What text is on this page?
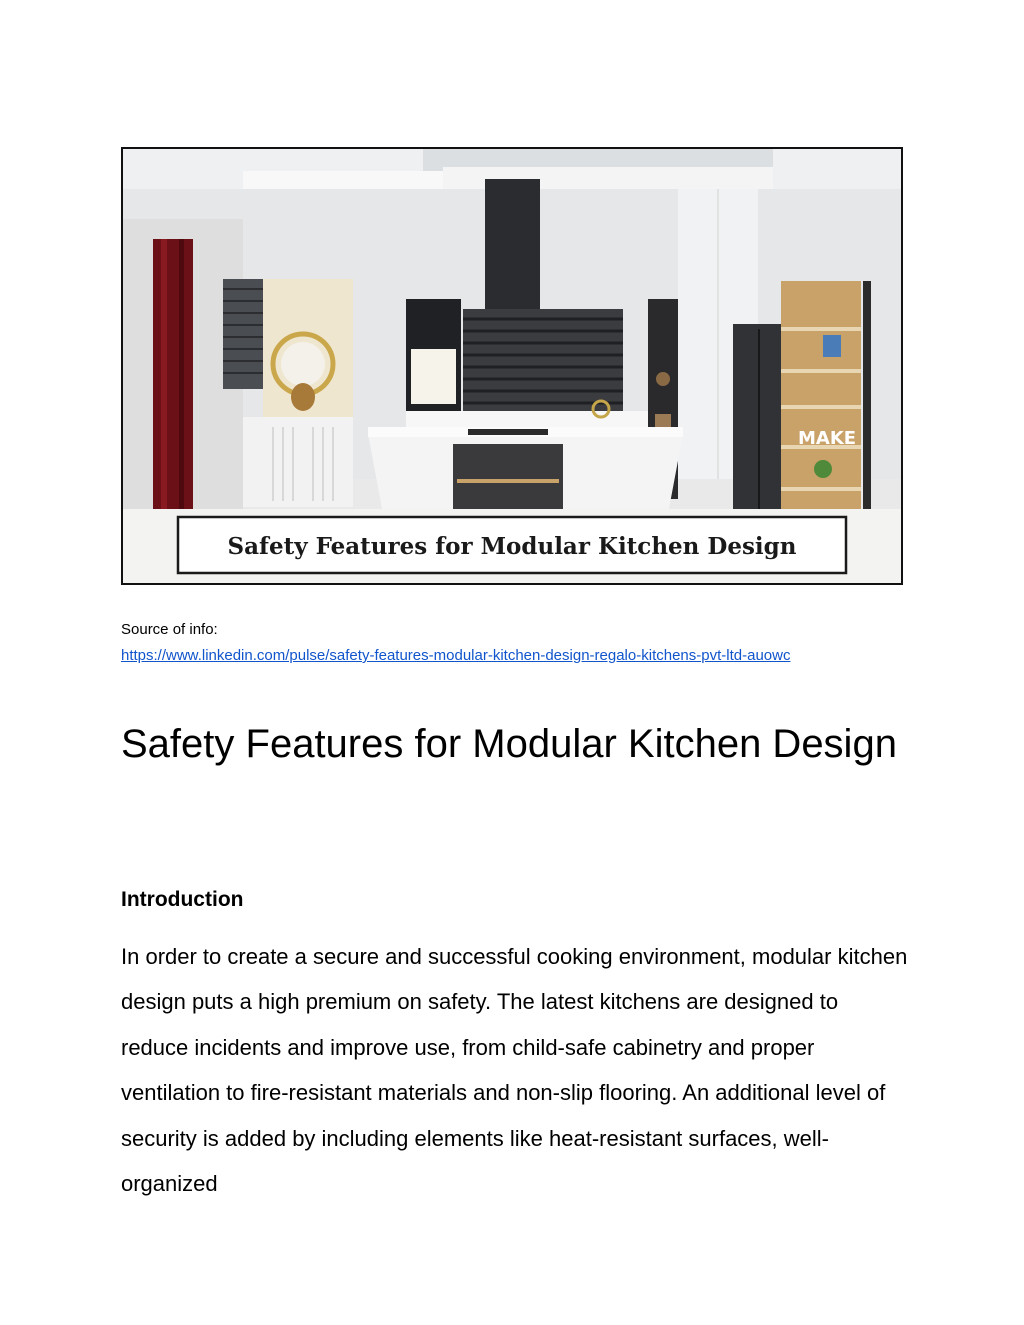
MAKE
Safety Features for Modular Kitchen Design
Source of info:
https://www.linkedin.com/pulse/safety-features-modular-kitchen-design-regalo-kitchens-pvt-ltd-auowc
Safety Features for Modular Kitchen Design
Introduction

In order to create a secure and successful cooking environment, modular kitchen design puts a high premium on safety. The latest kitchens are designed to reduce incidents and improve use, from child-safe cabinetry and proper ventilation to fire-resistant materials and non-slip flooring. An additional level of security is added by including elements like heat-resistant surfaces, well-organized
